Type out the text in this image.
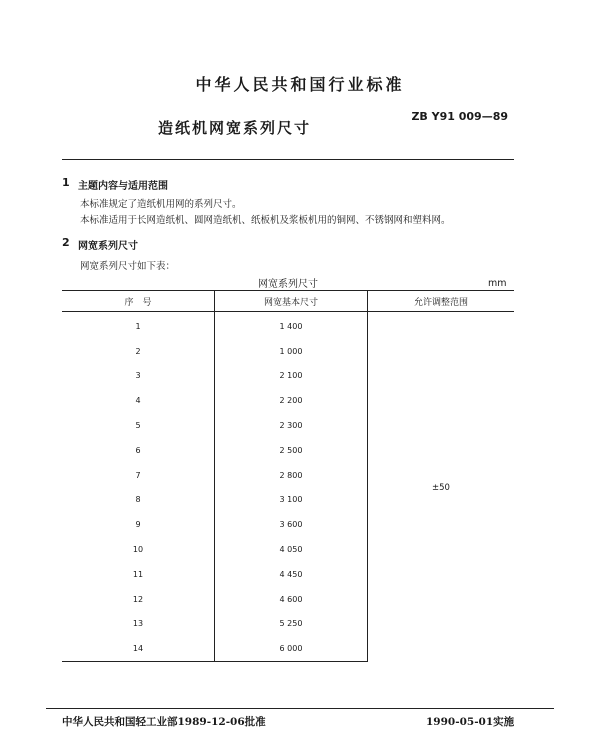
中华人民共和国行业标准
ZB Y91 009—89
造纸机网宽系列尺寸
1 主题内容与适用范围
本标准规定了造纸机用网的系列尺寸。
本标准适用于长网造纸机、圆网造纸机、纸板机及浆板机用的铜网、不锈钢网和塑料网。
2 网宽系列尺寸
网宽系列尺寸如下表：
网宽系列尺寸	mm
序　号	网宽基本尺寸	允许调整范围
1	1 400	±50
2	1 000	
3	2 100	
4	2 200	
5	2 300	
6	2 500	
7	2 800	
8	3 100	
9	3 600	
10	4 050	
11	4 450	
12	4 600	
13	5 250	
14	6 000	
中华人民共和国轻工业部1989-12-06批准	1990-05-01实施
